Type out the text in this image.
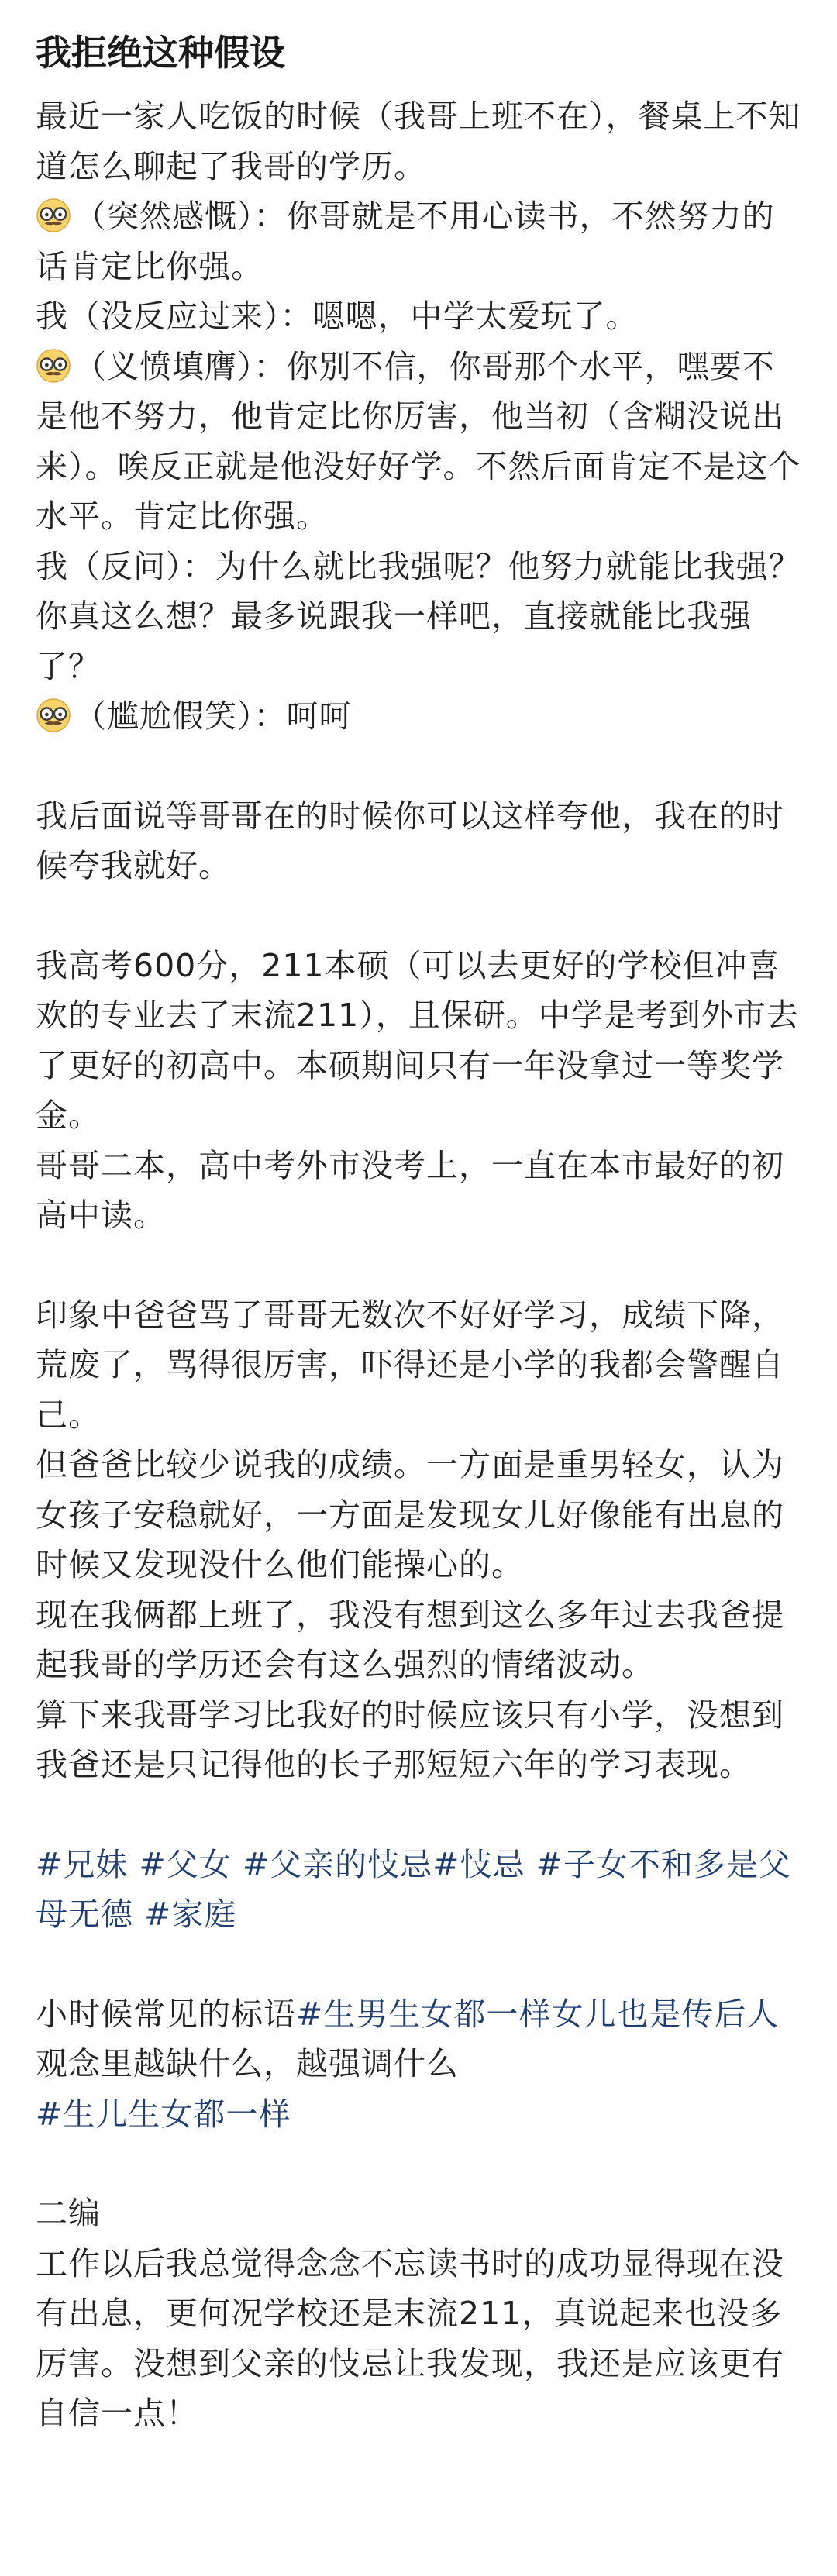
我拒绝这种假设

最近一家人吃饭的时候（我哥上班不在），餐桌上不知道怎么聊起了我哥的学历。

（突然感慨）：你哥就是不用心读书，不然努力的话肯定比你强。

我（没反应过来）：嗯嗯，中学太爱玩了。

（义愤填膺）：你别不信，你哥那个水平，嘿要不是他不努力，他肯定比你厉害，他当初（含糊没说出来）。唉反正就是他没好好学。不然后面肯定不是这个水平。肯定比你强。

我（反问）：为什么就比我强呢？他努力就能比我强？你真这么想？最多说跟我一样吧，直接就能比我强了？

（尴尬假笑）：呵呵

我后面说等哥哥在的时候你可以这样夸他，我在的时候夸我就好。

我高考600分，211本硕（可以去更好的学校但冲喜欢的专业去了末流211），且保研。中学是考到外市去了更好的初高中。本硕期间只有一年没拿过一等奖学金。

哥哥二本，高中考外市没考上，一直在本市最好的初高中读。

印象中爸爸骂了哥哥无数次不好好学习，成绩下降，荒废了，骂得很厉害，吓得还是小学的我都会警醒自己。

但爸爸比较少说我的成绩。一方面是重男轻女，认为女孩子安稳就好，一方面是发现女儿好像能有出息的时候又发现没什么他们能操心的。

现在我俩都上班了，我没有想到这么多年过去我爸提起我哥的学历还会有这么强烈的情绪波动。

算下来我哥学习比我好的时候应该只有小学，没想到我爸还是只记得他的长子那短短六年的学习表现。

#兄妹 #父女 #父亲的忮忌#忮忌 #子女不和多是父母无德 #家庭

小时候常见的标语#生男生女都一样女儿也是传后人 观念里越缺什么，越强调什么

#生儿生女都一样

二编

工作以后我总觉得念念不忘读书时的成功显得现在没有出息，更何况学校还是末流211，真说起来也没多厉害。没想到父亲的忮忌让我发现，我还是应该更有自信一点！
